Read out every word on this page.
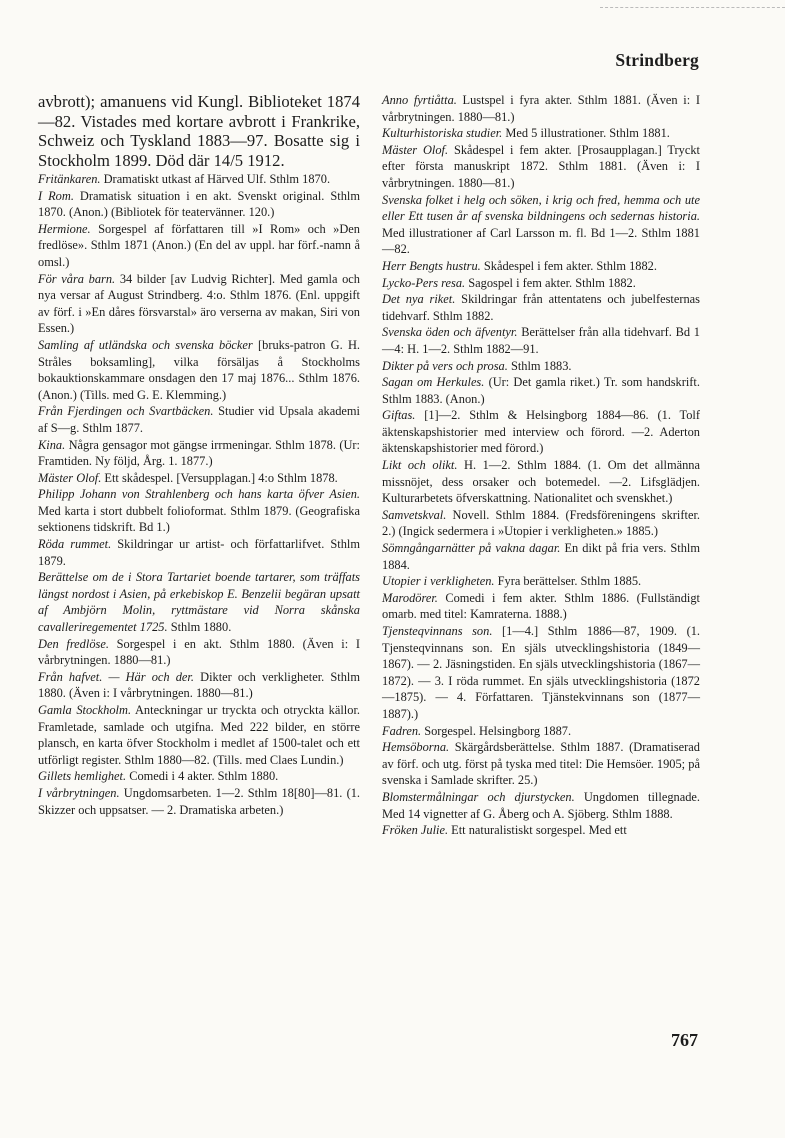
Strindberg
avbrott); amanuens vid Kungl. Biblioteket 1874—82. Vistades med kortare avbrott i Frankrike, Schweiz och Tyskland 1883—97. Bosatte sig i Stockholm 1899. Död där 14/5 1912.

Fritänkaren. Dramatiskt utkast af Härved Ulf. Sthlm 1870.

I Rom. Dramatisk situation i en akt. Svenskt original. Sthlm 1870. (Anon.) (Bibliotek för teatervänner. 120.)

Hermione. Sorgespel af författaren till »I Rom» och »Den fredlöse». Sthlm 1871 (Anon.) (En del av uppl. har förf.-namn å omsl.)

För våra barn. 34 bilder [av Ludvig Richter]. Med gamla och nya versar af August Strindberg. 4:o. Sthlm 1876. (Enl. uppgift av förf. i »En dåres försvarstal» äro verserna av makan, Siri von Essen.)

Samling af utländska och svenska böcker [bruks-patron G. H. Stråles boksamling], vilka försäljas å Stockholms bokauktionskammare onsdagen den 17 maj 1876... Sthlm 1876. (Anon.) (Tills. med G. E. Klemming.)

Från Fjerdingen och Svartbäcken. Studier vid Upsala akademi af S—g. Sthlm 1877.

Kina. Några gensagor mot gängse irrmeningar. Sthlm 1878. (Ur: Framtiden. Ny följd, Årg. 1. 1877.)

Mäster Olof. Ett skådespel. [Versupplagan.] 4:o Sthlm 1878.

Philipp Johann von Strahlenberg och hans karta öfver Asien. Med karta i stort dubbelt folioformat. Sthlm 1879. (Geografiska sektionens tidskrift. Bd 1.)

Röda rummet. Skildringar ur artist- och författarlifvet. Sthlm 1879.

Berättelse om de i Stora Tartariet boende tartarer, som träffats längst nordost i Asien, på erkebiskop E. Benzelii begäran upsatt af Ambjörn Molin, ryttmästare vid Norra skånska cavalleriregementet 1725. Sthlm 1880.

Den fredlöse. Sorgespel i en akt. Sthlm 1880. (Även i: I vårbrytningen. 1880—81.)

Från hafvet. — Här och der. Dikter och verkligheter. Sthlm 1880. (Även i: I vårbrytningen. 1880—81.)

Gamla Stockholm. Anteckningar ur tryckta och otryckta källor. Framletade, samlade och utgifna. Med 222 bilder, en större plansch, en karta öfver Stockholm i medlet af 1500-talet och ett utförligt register. Sthlm 1880—82. (Tills. med Claes Lundin.)

Gillets hemlighet. Comedi i 4 akter. Sthlm 1880.

I vårbrytningen. Ungdomsarbeten. 1—2. Sthlm 18[80]—81. (1. Skizzer och uppsatser. — 2. Dramatiska arbeten.)

Anno fyrtiåtta. Lustspel i fyra akter. Sthlm 1881. (Även i: I vårbrytningen. 1880—81.)

Kulturhistoriska studier. Med 5 illustrationer. Sthlm 1881.

Mäster Olof. Skådespel i fem akter. [Prosaupplagan.] Tryckt efter första manuskript 1872. Sthlm 1881. (Även i: I vårbrytningen. 1880—81.)

Svenska folket i helg och söken, i krig och fred, hemma och ute eller Ett tusen år af svenska bildningens och sedernas historia. Med illustrationer af Carl Larsson m. fl. Bd 1—2. Sthlm 1881—82.

Herr Bengts hustru. Skådespel i fem akter. Sthlm 1882.

Lycko-Pers resa. Sagospel i fem akter. Sthlm 1882.

Det nya riket. Skildringar från attentatens och jubelfesternas tidehvarf. Sthlm 1882.

Svenska öden och äfventyr. Berättelser från alla tidehvarf. Bd 1—4: H. 1—2. Sthlm 1882—91.

Dikter på vers och prosa. Sthlm 1883.

Sagan om Herkules. (Ur: Det gamla riket.) Tr. som handskrift. Sthlm 1883. (Anon.)

Giftas. [1]—2. Sthlm & Helsingborg 1884—86. (1. Tolf äktenskapshistorier med interview och förord. —2. Aderton äktenskapshistorier med förord.)

Likt och olikt. H. 1—2. Sthlm 1884. (1. Om det allmänna missnöjet, dess orsaker och botemedel. —2. Lifsglädjen. Kulturarbetets öfverskattning. Nationalitet och svenskhet.)

Samvetskval. Novell. Sthlm 1884. (Fredsföreningens skrifter. 2.) (Ingick sedermera i »Utopier i verkligheten.» 1885.)

Sömngångarnätter på vakna dagar. En dikt på fria vers. Sthlm 1884.

Utopier i verkligheten. Fyra berättelser. Sthlm 1885.

Marodörer. Comedi i fem akter. Sthlm 1886. (Fullständigt omarb. med titel: Kamraterna. 1888.)

Tjensteqvinnans son. [1—4.] Sthlm 1886—87, 1909. (1. Tjensteqvinnans son. En själs utvecklingshistoria (1849—1867). — 2. Jäsningstiden. En själs utvecklingshistoria (1867—1872). — 3. I röda rummet. En själs utvecklingshistoria (1872—1875). — 4. Författaren. Tjänstekvinnans son (1877—1887).)

Fadren. Sorgespel. Helsingborg 1887.

Hemsöborna. Skärgårdsberättelse. Sthlm 1887. (Dramatiserad av förf. och utg. först på tyska med titel: Die Hemsöer. 1905; på svenska i Samlade skrifter. 25.)

Blomstermålningar och djurstycken. Ungdomen tillegnade. Med 14 vignetter af G. Åberg och A. Sjöberg. Sthlm 1888.

Fröken Julie. Ett naturalistiskt sorgespel. Med ett

767
